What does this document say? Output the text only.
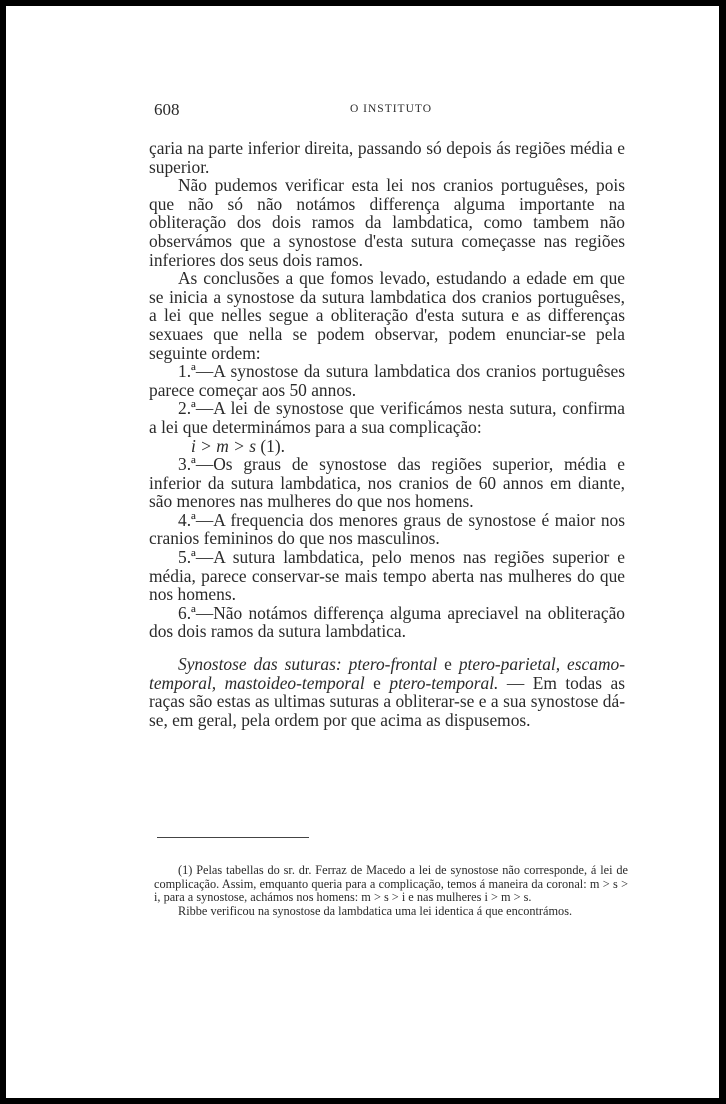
608	O INSTITUTO

çaria na parte inferior direita, passando só depois ás regiões média e superior.

Não pudemos verificar esta lei nos cranios portuguêses, pois que não só não notámos differença alguma importante na obliteração dos dois ramos da lambdatica, como tambem não observámos que a synostose d'esta sutura começasse nas regiões inferiores dos seus dois ramos.

As conclusões a que fomos levado, estudando a edade em que se inicia a synostose da sutura lambdatica dos cranios portuguêses, a lei que nelles segue a obliteração d'esta sutura e as differenças sexuaes que nella se podem observar, podem enunciar-se pela seguinte ordem:

1.ª—A synostose da sutura lambdatica dos cranios portuguêses parece começar aos 50 annos.

2.ª—A lei de synostose que verificámos nesta sutura, confirma a lei que determinámos para a sua complicação:

i > m > s (1).

3.ª—Os graus de synostose das regiões superior, média e inferior da sutura lambdatica, nos cranios de 60 annos em diante, são menores nas mulheres do que nos homens.

4.ª—A frequencia dos menores graus de synostose é maior nos cranios femininos do que nos masculinos.

5.ª—A sutura lambdatica, pelo menos nas regiões superior e média, parece conservar-se mais tempo aberta nas mulheres do que nos homens.

6.ª—Não notámos differença alguma apreciavel na obliteração dos dois ramos da sutura lambdatica.

Synostose das suturas: ptero-frontal e ptero-parietal, escamo-temporal, mastoideo-temporal e ptero-temporal. — Em todas as raças são estas as ultimas suturas a obliterar-se e a sua synostose dá-se, em geral, pela ordem por que acima as dispusemos.

(1) Pelas tabellas do sr. dr. Ferraz de Macedo a lei de synostose não corresponde, á lei de complicação. Assim, emquanto queria para a complicação, temos á maneira da coronal: m > s > i, para a synostose, achámos nos homens: m > s > i e nas mulheres i > m > s.

Ribbe verificou na synostose da lambdatica uma lei identica á que encontrámos.
